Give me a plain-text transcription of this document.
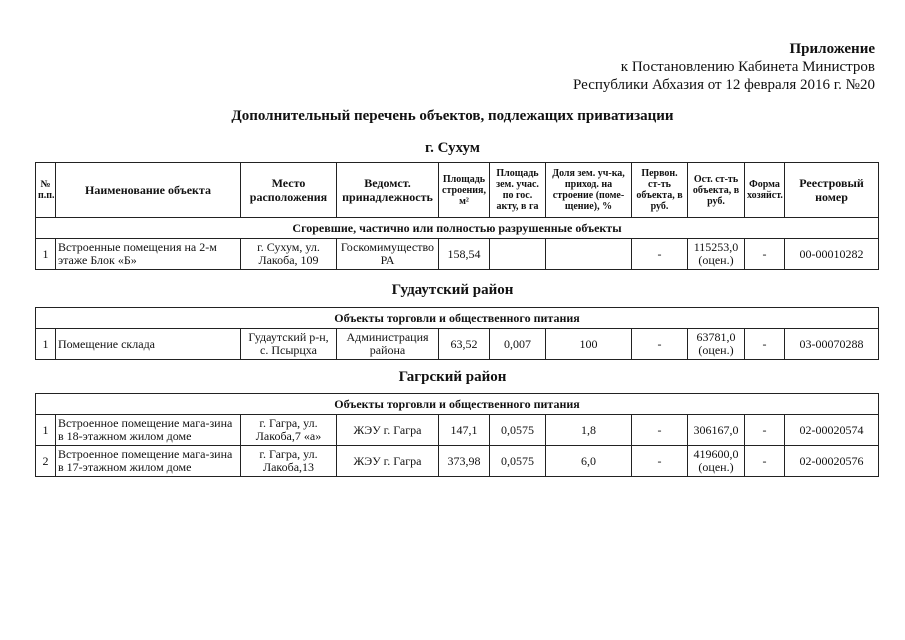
Приложение
к Постановлению Кабинета Министров
Республики Абхазия от 12 февраля 2016 г. №20
Дополнительный перечень объектов, подлежащих приватизации
г. Сухум
№ п.п.	Наименование объекта	Место расположения	Ведомст. принадлежность	Площадь строения, м²	Площадь зем. учас. по гос. акту, в га	Доля зем. уч-ка, приход. на строение (поме-щение), %	Первон. ст-ть объекта, в руб.	Ост. ст-ть объекта, в руб.	Форма хозяйст.	Реестровый номер
Сгоревшие, частично или полностью разрушенные объекты										
1	Встроенные помещения на 2-м этаже Блок «Б»	г. Сухум, ул. Лакоба, 109	Госкомимущество РА	158,54			-	115253,0 (оцен.)	-	00-00010282
Гудаутский район
Объекты торговли и общественного питания
1	Помещение склада	Гудаутский р-н, с. Псырцха	Администрация района	63,52	0,007	100	-	63781,0 (оцен.)	-	03-00070288
Гагрский район
Объекты торговли и общественного питания										
1	Встроенное помещение мага-зина в 18-этажном жилом доме	г. Гагра, ул. Лакоба,7 «а»	ЖЭУ г. Гагра	147,1	0,0575	1,8	-	306167,0	-	02-00020574
2	Встроенное помещение мага-зина в 17-этажном жилом доме	г. Гагра, ул. Лакоба,13	ЖЭУ г. Гагра	373,98	0,0575	6,0	-	419600,0 (оцен.)	-	02-00020576
